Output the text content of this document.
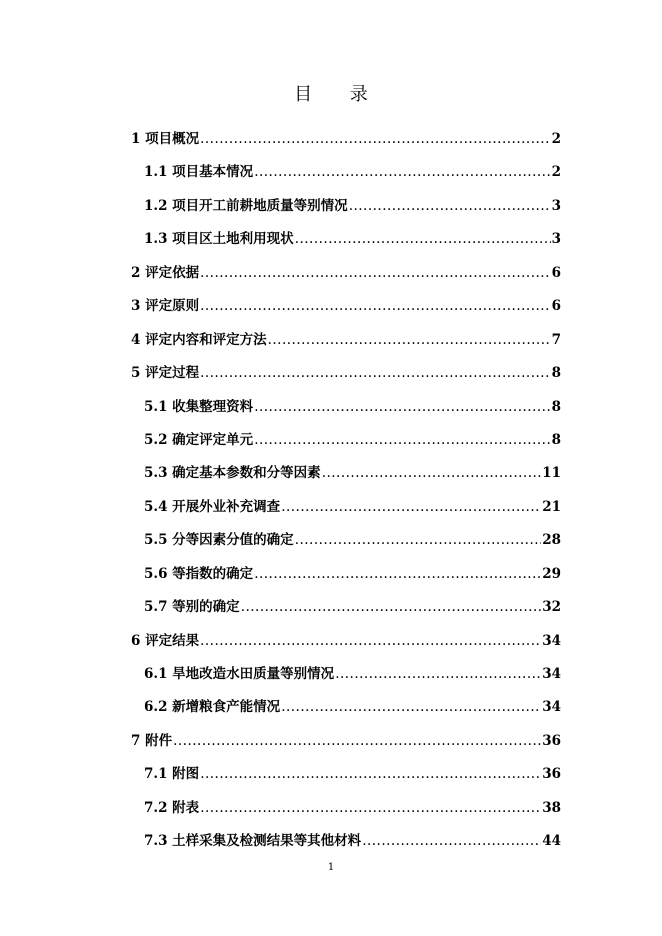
目 录
1 项目概况 .....	2
1.1 项目基本情况 .....	2
1.2 项目开工前耕地质量等别情况 .....	3
1.3 项目区土地利用现状 .....	3
2 评定依据 .....	6
3 评定原则 .....	6
4 评定内容和评定方法 .....	7
5 评定过程 .....	8
5.1 收集整理资料 .....	8
5.2 确定评定单元 .....	8
5.3 确定基本参数和分等因素 .....	11
5.4 开展外业补充调查 .....	21
5.5 分等因素分值的确定 .....	28
5.6 等指数的确定 .....	29
5.7 等别的确定 .....	32
6 评定结果 .....	34
6.1 旱地改造水田质量等别情况 .....	34
6.2 新增粮食产能情况 .....	34
7 附件 .....	36
7.1 附图 .....	36
7.2 附表 .....	38
7.3 土样采集及检测结果等其他材料 .....	44
1
